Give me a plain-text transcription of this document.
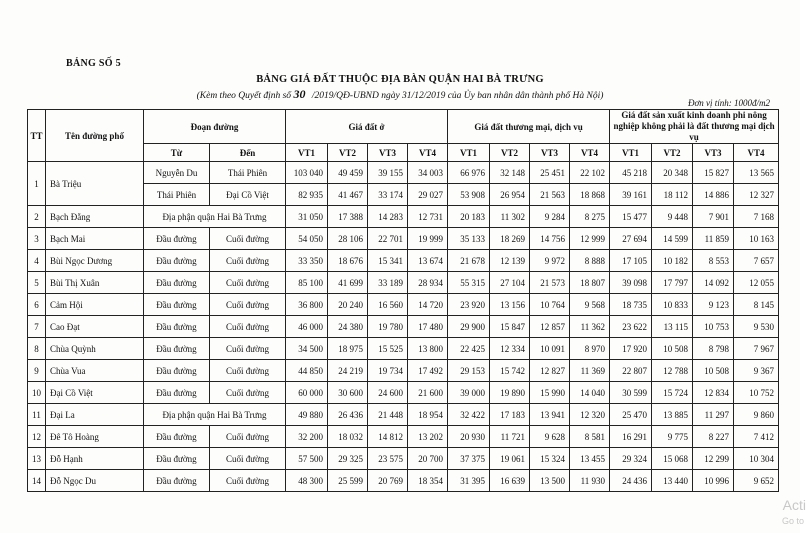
BẢNG SỐ 5
BẢNG GIÁ ĐẤT THUỘC ĐỊA BÀN QUẬN HAI BÀ TRƯNG
(Kèm theo Quyết định số 30 /2019/QĐ-UBND ngày 31/12/2019 của Ủy ban nhân dân thành phố Hà Nội)
Đơn vị tính: 1000đ/m2
TT	Tên đường phố	Đoạn đường		Giá đất ở				Giá đất thương mại, dịch vụ				Giá đất sản xuất kinh doanh phi nông nghiệp không phải là đất thương mại dịch vụ			
		Từ	Đến	VT1	VT2	VT3	VT4	VT1	VT2	VT3	VT4	VT1	VT2	VT3	VT4
1	Bà Triệu	Nguyễn Du	Thái Phiên	103 040	49 459	39 155	34 003	66 976	32 148	25 451	22 102	45 218	20 348	15 827	13 565
		Thái Phiên	Đại Cồ Việt	82 935	41 467	33 174	29 027	53 908	26 954	21 563	18 868	39 161	18 112	14 886	12 327
2	Bạch Đằng	Địa phận quận Hai Bà Trưng		31 050	17 388	14 283	12 731	20 183	11 302	9 284	8 275	15 477	9 448	7 901	7 168
3	Bạch Mai	Đầu đường	Cuối đường	54 050	28 106	22 701	19 999	35 133	18 269	14 756	12 999	27 694	14 599	11 859	10 163
4	Bùi Ngọc Dương	Đầu đường	Cuối đường	33 350	18 676	15 341	13 674	21 678	12 139	9 972	8 888	17 105	10 182	8 553	7 657
5	Bùi Thị Xuân	Đầu đường	Cuối đường	85 100	41 699	33 189	28 934	55 315	27 104	21 573	18 807	39 098	17 797	14 092	12 055
6	Cảm Hội	Đầu đường	Cuối đường	36 800	20 240	16 560	14 720	23 920	13 156	10 764	9 568	18 735	10 833	9 123	8 145
7	Cao Đạt	Đầu đường	Cuối đường	46 000	24 380	19 780	17 480	29 900	15 847	12 857	11 362	23 622	13 115	10 753	9 530
8	Chùa Quỳnh	Đầu đường	Cuối đường	34 500	18 975	15 525	13 800	22 425	12 334	10 091	8 970	17 920	10 508	8 798	7 967
9	Chùa Vua	Đầu đường	Cuối đường	44 850	24 219	19 734	17 492	29 153	15 742	12 827	11 369	22 807	12 788	10 508	9 367
10	Đại Cồ Việt	Đầu đường	Cuối đường	60 000	30 600	24 600	21 600	39 000	19 890	15 990	14 040	30 599	15 724	12 834	10 752
11	Đại La	Địa phận quận Hai Bà Trưng		49 880	26 436	21 448	18 954	32 422	17 183	13 941	12 320	25 470	13 885	11 297	9 860
12	Đê Tô Hoàng	Đầu đường	Cuối đường	32 200	18 032	14 812	13 202	20 930	11 721	9 628	8 581	16 291	9 775	8 227	7 412
13	Đỗ Hạnh	Đầu đường	Cuối đường	57 500	29 325	23 575	20 700	37 375	19 061	15 324	13 455	29 324	15 068	12 299	10 304
14	Đỗ Ngọc Du	Đầu đường	Cuối đường	48 300	25 599	20 769	18 354	31 395	16 639	13 500	11 930	24 436	13 440	10 996	9 652
Acti
Go to
